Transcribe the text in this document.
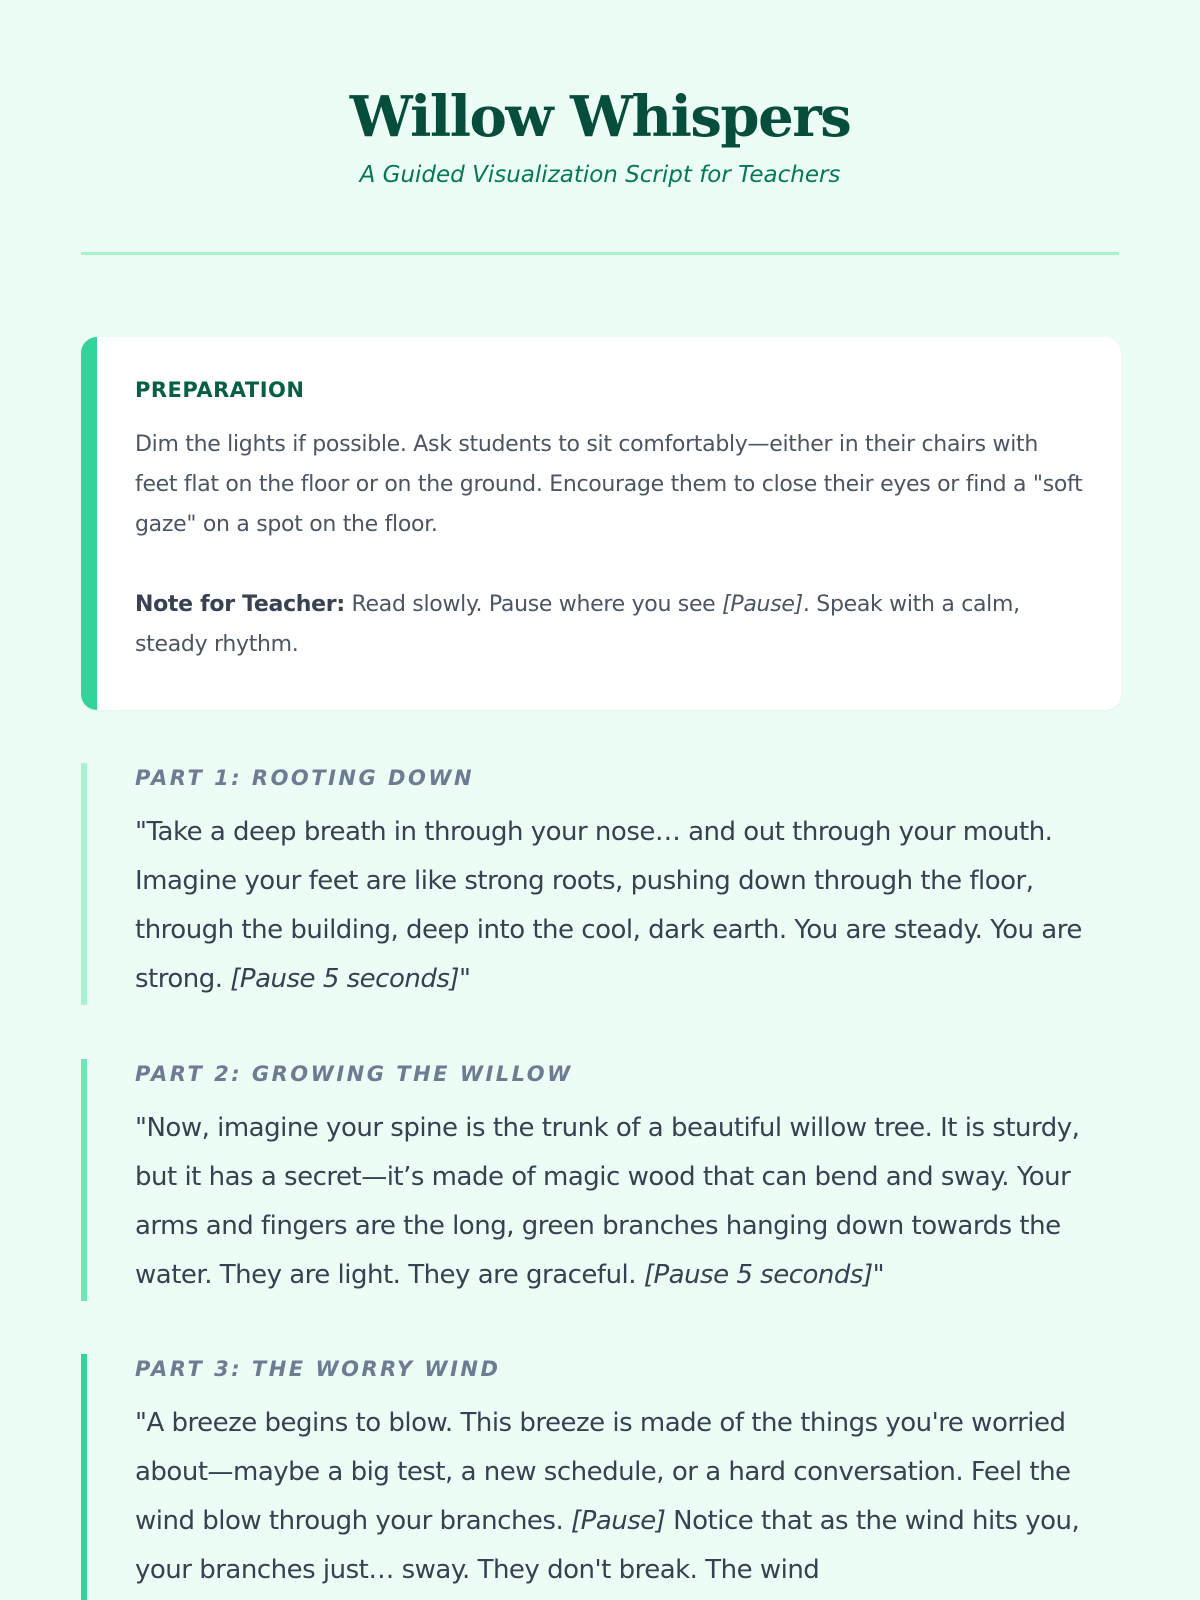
Willow Whispers
A Guided Visualization Script for Teachers
PREPARATION

Dim the lights if possible. Ask students to sit comfortably—either in their chairs with feet flat on the floor or on the ground. Encourage them to close their eyes or find a "soft gaze" on a spot on the floor.

Note for Teacher: Read slowly. Pause where you see [Pause]. Speak with a calm, steady rhythm.

PART 1: ROOTING DOWN

"Take a deep breath in through your nose… and out through your mouth. Imagine your feet are like strong roots, pushing down through the floor, through the building, deep into the cool, dark earth. You are steady. You are strong. [Pause 5 seconds]"

PART 2: GROWING THE WILLOW

"Now, imagine your spine is the trunk of a beautiful willow tree. It is sturdy, but it has a secret—it’s made of magic wood that can bend and sway. Your arms and fingers are the long, green branches hanging down towards the water. They are light. They are graceful. [Pause 5 seconds]"

PART 3: THE WORRY WIND

"A breeze begins to blow. This breeze is made of the things you're worried about—maybe a big test, a new schedule, or a hard conversation. Feel the wind blow through your branches. [Pause] Notice that as the wind hits you, your branches just… sway. They don't break. The wind
